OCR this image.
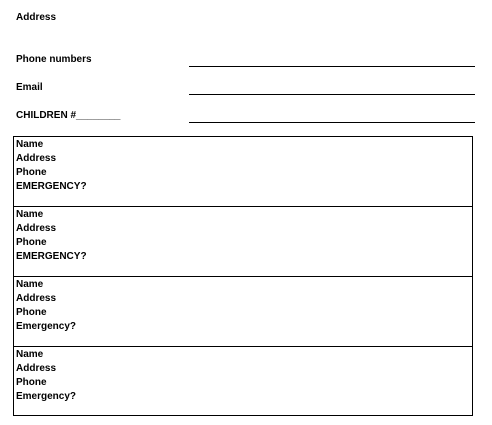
Address
Phone numbers
Email
CHILDREN #________
Name
Address
Phone
EMERGENCY?
Name
Address
Phone
EMERGENCY?
Name
Address
Phone
Emergency?
Name
Address
Phone
Emergency?
